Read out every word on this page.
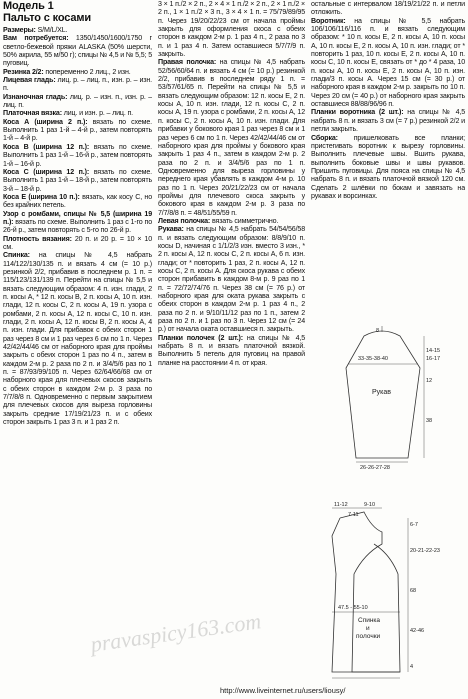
Модель 1

Пальто с косами

Размеры: S/M/L/XL.

Вам потребуется: 1350/1450/1600/1750 г светло-бежевой пряжи ALASKA (50% шерсти, 50% акрила, 55 м/50 г); спицы № 4,5 и № 5,5; 5 пуговиц.

Резинка 2/2: попеременно 2 лиц., 2 изн.

Лицевая гладь: лиц. р. – лиц. п., изн. р. – изн. п.

Изнаночная гладь: лиц. р. – изн. п., изн. р. – лиц. п.

Платочная вязка: лиц. и изн. р. – лиц. п.

Коса А (ширина 2 п.): вязать по схеме. Выполнить 1 раз 1-й – 4-й р., затем повторять 1-й – 4-й р.

Коса В (ширина 12 п.): вязать по схеме. Выполнить 1 раз 1-й – 16-й р., затем повторять 1-й – 16-й р.

Коса С (ширина 12 п.): вязать по схеме. Выполнить 1 раз 1-й – 18-й р., затем повторять 3-й – 18-й р.

Коса Е (ширина 10 п.): вязать, как косу С, но без крайних петель.

Узор с ромбами, спицы № 5,5 (ширина 19 п.): вязать по схеме. Выполнить 1 раз с 1-го по 26-й р., затем повторять с 5-го по 26-й р.

Плотность вязания: 20 п. и 20 р. = 10 × 10 см.

Спинка: на спицы № 4,5 набрать 114/122/130/135 п. и вязать 4 см (= 10 р.) резинкой 2/2, прибавив в последнем р. 1 п. = 115/123/131/139 п. Перейти на спицы № 5,5 и вязать следующим образом: 4 п. изн. глади, 2 п. косы А, * 12 п. косы В, 2 п. косы А, 10 п. изн. глади, 12 п. косы С, 2 п. косы А, 19 п. узора с ромбами, 2 п. косы А, 12 п. косы С, 10 п. изн. глади, 2 п. косы А, 12 п. косы В, 2 п. косы А, 4 п. изн. глади. Для прибавок с обеих сторон 1 раз через 8 см и 1 раз через 6 см по 1 п. Через 42/42/44/46 см от наборного края для проймы закрыть с обеих сторон 1 раз по 4 п., затем в каждом 2-м р. 2 раза по 2 п. и 3/4/5/6 раз по 1 п. = 87/93/99/105 п. Через 62/64/66/68 см от наборного края для плечевых скосов закрыть с обеих сторон в каждом 2-м р. 3 раза по 7/7/8/8 п. Одновременно с первым закрытием для плечевых скосов для выреза горловины закрыть средние 17/19/21/23 п. и с обеих сторон закрыть 1 раз 3 п. и 1 раз 2 п.

3 × 1 п./2 × 2 п., 2 × 4 × 1 п./2 × 2 п., 2 × 1 п./2 × 2 п., 1 × 1 п./2 × 3 п., 3 × 4 × 1 п. = 75/79/89/95 п. Через 19/20/22/23 см от начала проймы закрыть для оформления скоса с обеих сторон в каждом 2-м р. 1 раз 4 п., 2 раза по 3 п. и 1 раз 4 п. Затем оставшиеся 5/7/7/9 п. закрыть.

Правая полочка: на спицы № 4,5 набрать 52/56/60/64 п. и вязать 4 см (= 10 р.) резинкой 2/2, прибавив в последнем ряду 1 п. = 53/57/61/65 п. Перейти на спицы № 5,5 и вязать следующим образом: 12 п. косы Е, 2 п. косы А, 10 п. изн. глади, 12 п. косы С, 2 п. косы А, 19 п. узора с ромбами, 2 п. косы А, 12 п. косы С, 2 п. косы А, 10 п. изн. глади. Для прибавки у бокового края 1 раз через 8 см и 1 раз через 6 см по 1 п. Через 42/42/44/46 см от наборного края для проймы у бокового края закрыть 1 раз 4 п., затем в каждом 2-м р. 2 раза по 2 п. и 3/4/5/6 раз по 1 п. Одновременно для выреза горловины у переднего края убавлять в каждом 4-м р. 10 раз по 1 п. Через 20/21/22/23 см от начала проймы для плечевого скоса закрыть у бокового края в каждом 2-м р. 3 раза по 7/7/8/8 п. = 48/51/55/59 п.

Левая полочка: вязать симметрично.

Рукава: на спицы № 4,5 набрать 54/54/56/58 п. и вязать следующим образом: 8/8/9/10 п. косы D, начиная с 1/1/2/3 изн. вместо 3 изн., * 2 п. косы А, 12 п. косы С, 2 п. косы А, 6 п. изн. глади; от * повторить 1 раз, 2 п. косы А, 12 п. косы С, 2 п. косы А. Для скоса рукава с обеих сторон прибавить в каждом 8-м р. 9 раз по 1 п. = 72/72/74/76 п. Через 38 см (= 76 р.) от наборного края для оката рукава закрыть с обеих сторон в каждом 2-м р. 1 раз 4 п., 2 раза по 2 п. и 9/10/11/12 раз по 1 п., затем 2 раза по 2 п. и 1 раз по 3 п. Через 12 см (= 24 р.) от начала оката оставшиеся п. закрыть.

Планки полочек (2 шт.): на спицы № 4,5 набрать 8 п. и вязать платочной вязкой. Выполнить 5 петель для пуговиц на правой планке на расстоянии 4 п. от края.

остальные с интервалом 18/19/21/22 п. и петли отложить.

Воротник: на спицы № 5,5 набрать 106/106/116/116 п. и вязать следующим образом: * 10 п. косы Е, 2 п. косы А, 10 п. косы А, 10 п. косы Е, 2 п. косы А, 10 п. изн. глади; от * повторить 1 раз, 10 п. косы Е, 2 п. косы А, 10 п. косы С, 10 п. косы Е, связать от * до * 4 раза, 10 п. косы А, 10 п. косы Е, 2 п. косы А, 10 п. изн. глади/3 п. косы А. Через 15 см (= 30 р.) от наборного края в каждом 2-м р. закрыть по 10 п. Через 20 см (= 40 р.) от наборного края закрыть оставшиеся 88/88/96/96 п.

Планки воротника (2 шт.): на спицы № 4,5 набрать 8 п. и вязать 3 см (= 7 р.) резинкой 2/2 и петли закрыть.

Сборка: пришелковать все планки; пристегивать воротник к вырезу горловины. Выполнить плечевые швы. Вшить рукава, выполнить боковые швы и швы рукавов. Пришить пуговицы. Для пояса на спицы № 4,5 набрать 8 п. и вязать платочной вязкой 120 см. Сделать 2 шлёвки по бокам и завязать на рукавах и ворсинках.

8
33-35-38-40
Рукав
14-15
16-17
12
38
26-26-27-28
11-12	9-10
7-11
47.5 - 55-10
Спинка
и
полочки
6-7
20-21-22-23
68
42-46
4
pravaspicy163.com
http://www.liveinternet.ru/users/liousy/
